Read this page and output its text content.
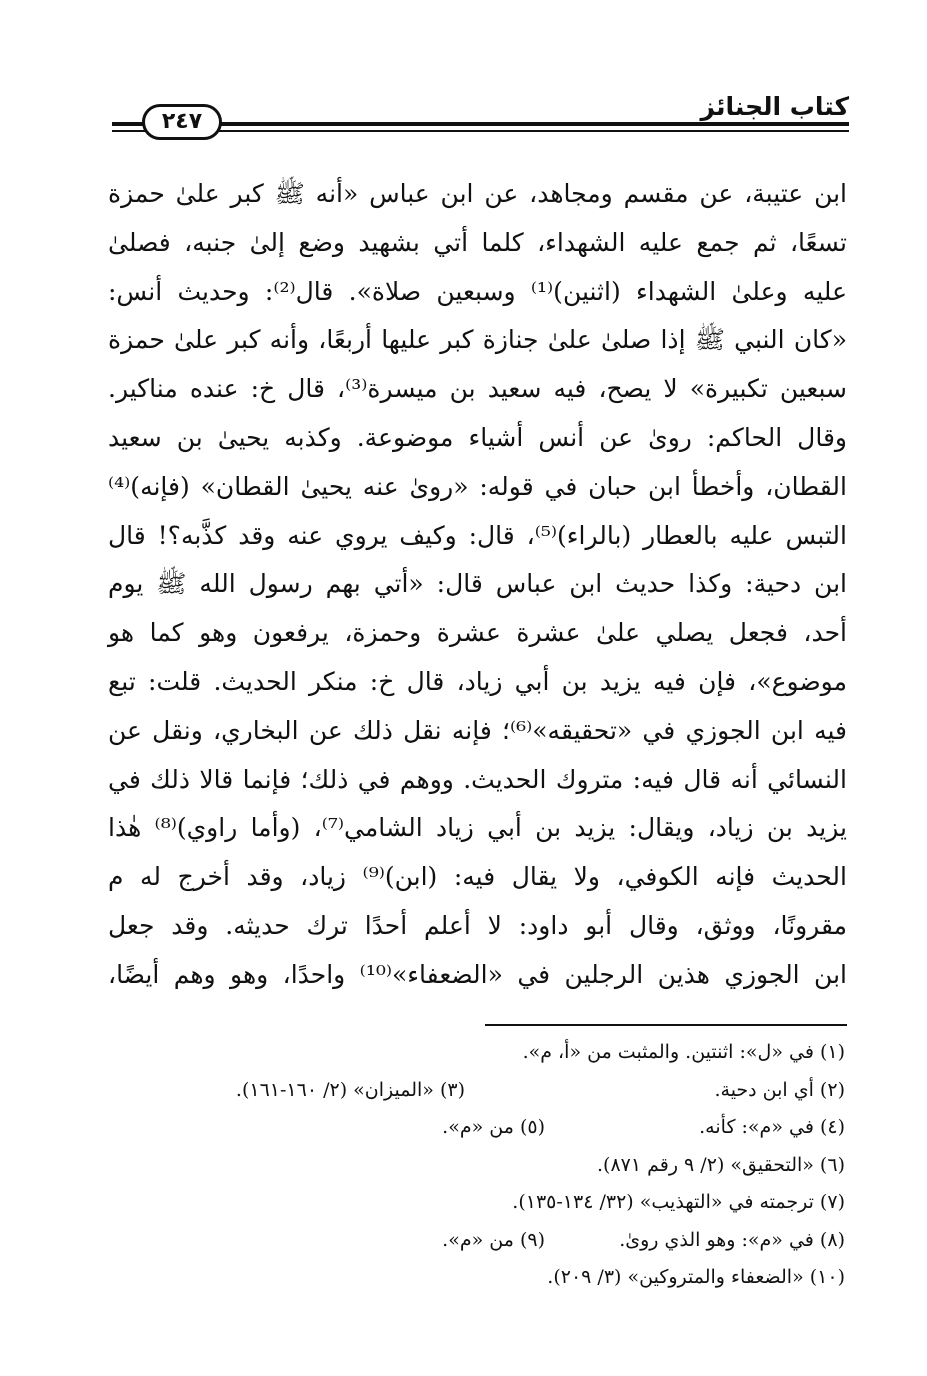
كتاب الجنائز
٢٤٧
ابن عتيبة، عن مقسم ومجاهد، عن ابن عباس «أنه ﷺ كبر علىٰ حمزة
تسعًا، ثم جمع عليه الشهداء، كلما أتي بشهيد وضع إلىٰ جنبه، فصلىٰ
عليه وعلىٰ الشهداء (اثنين)⁽¹⁾ وسبعين صلاة». قال⁽²⁾: وحديث أنس:
«كان النبي ﷺ إذا صلىٰ علىٰ جنازة كبر عليها أربعًا، وأنه كبر علىٰ حمزة
سبعين تكبيرة» لا يصح، فيه سعيد بن ميسرة⁽³⁾، قال خ: عنده مناكير.
وقال الحاكم: روىٰ عن أنس أشياء موضوعة. وكذبه يحيىٰ بن سعيد
القطان، وأخطأ ابن حبان في قوله: «روىٰ عنه يحيىٰ القطان» (فإنه)⁽⁴⁾
التبس عليه بالعطار (بالراء)⁽⁵⁾، قال: وكيف يروي عنه وقد كذَّبه؟! قال
ابن دحية: وكذا حديث ابن عباس قال: «أتي بهم رسول الله ﷺ يوم
أحد، فجعل يصلي علىٰ عشرة عشرة وحمزة، يرفعون وهو كما هو
موضوع»، فإن فيه يزيد بن أبي زياد، قال خ: منكر الحديث. قلت: تبع
فيه ابن الجوزي في «تحقيقه»⁽⁶⁾؛ فإنه نقل ذلك عن البخاري، ونقل عن
النسائي أنه قال فيه: متروك الحديث. ووهم في ذلك؛ فإنما قالا ذلك في
يزيد بن زياد، ويقال: يزيد بن أبي زياد الشامي⁽⁷⁾، (وأما راوي)⁽⁸⁾ هٰذا
الحديث فإنه الكوفي، ولا يقال فيه: (ابن)⁽⁹⁾ زياد، وقد أخرج له م
مقرونًا، ووثق، وقال أبو داود: لا أعلم أحدًا ترك حديثه. وقد جعل
ابن الجوزي هذين الرجلين في «الضعفاء»⁽¹⁰⁾ واحدًا، وهو وهم أيضًا،
(١) في «ل»: اثنتين. والمثبت من «أ، م».
(٢) أي ابن دحية.
(٣) «الميزان» (٢/ ١٦٠-١٦١).
(٤) في «م»: كأنه.
(٥) من «م».
(٦) «التحقيق» (٢/ ٩ رقم ٨٧١).
(٧) ترجمته في «التهذيب» (٣٢/ ١٣٤-١٣٥).
(٨) في «م»: وهو الذي روىٰ.
(٩) من «م».
(١٠) «الضعفاء والمتروكين» (٣/ ٢٠٩).
